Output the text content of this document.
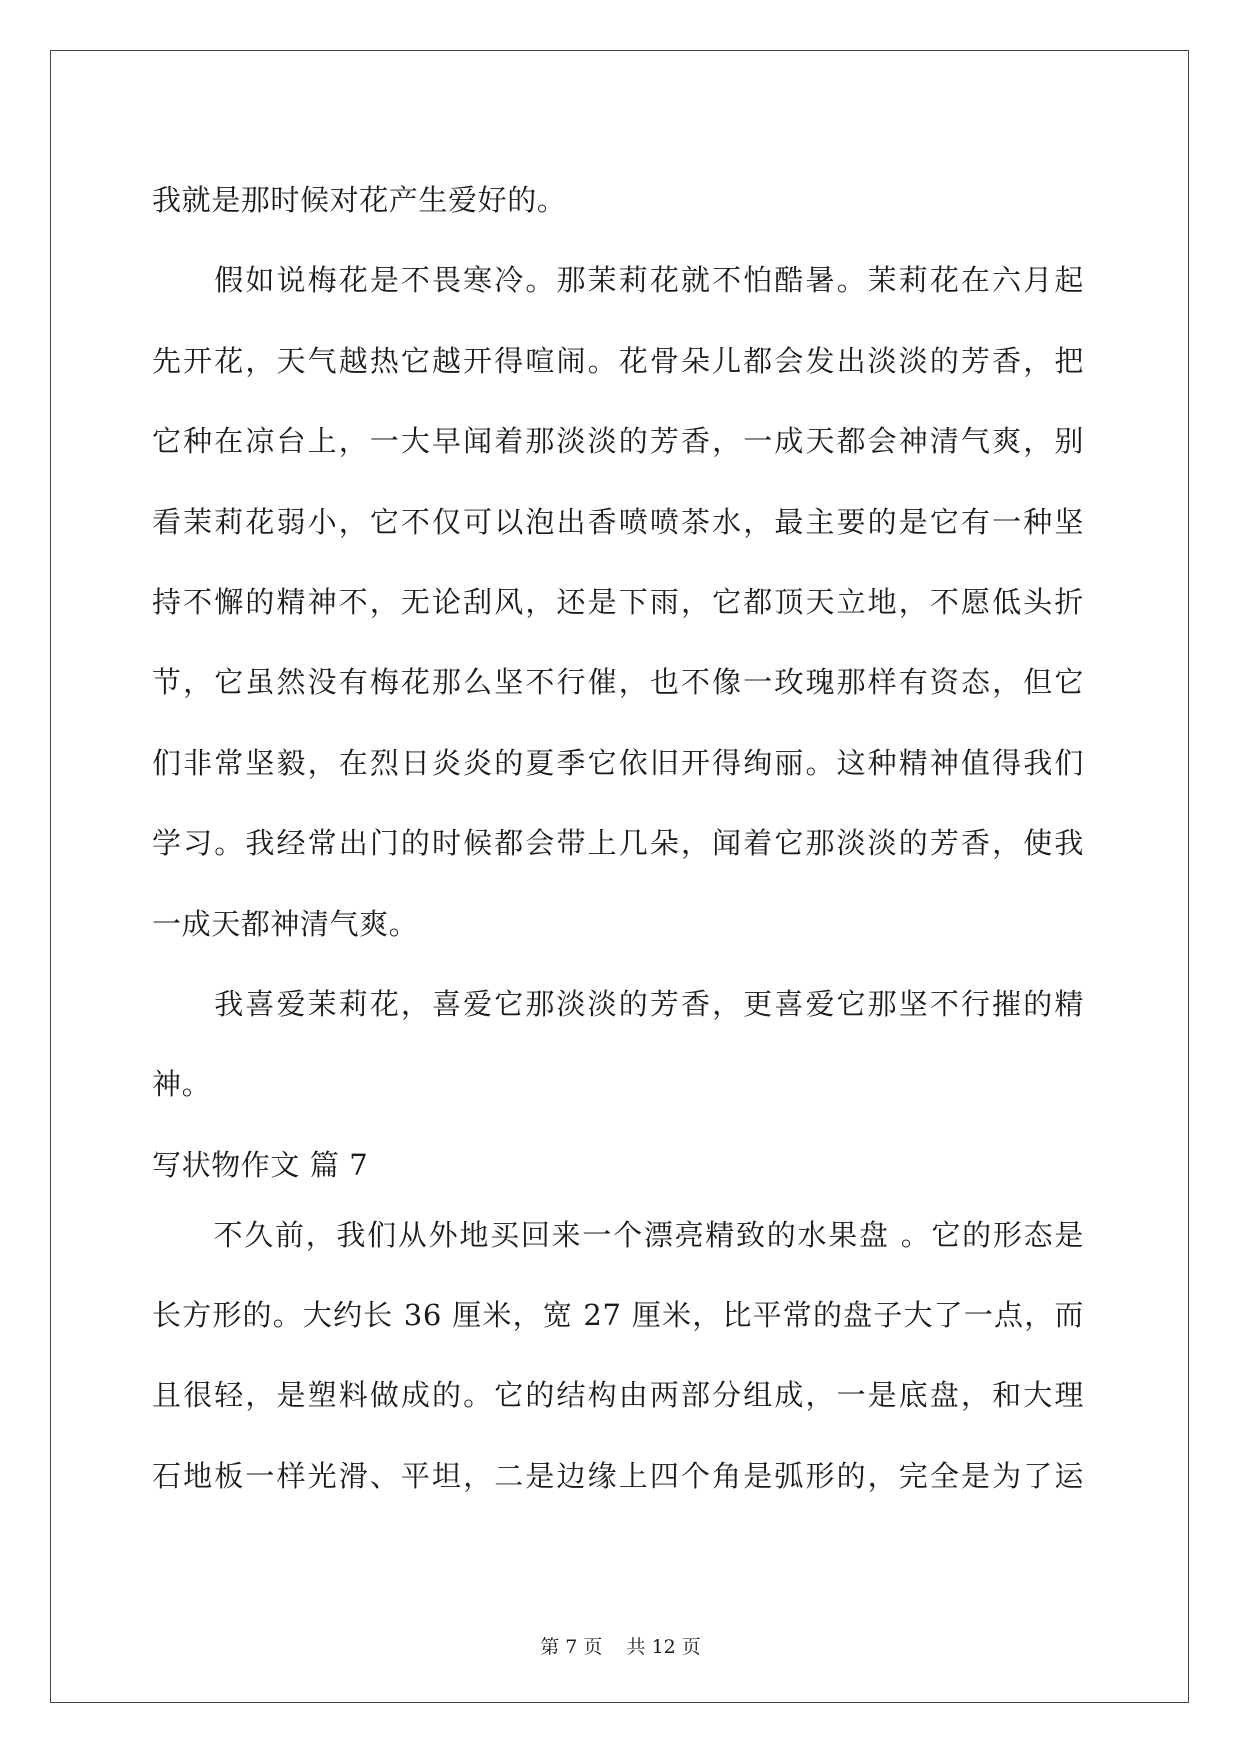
我就是那时候对花产生爱好的。
　　假如说梅花是不畏寒冷。那茉莉花就不怕酷暑。茉莉花在六月起
先开花，天气越热它越开得喧闹。花骨朵儿都会发出淡淡的芳香，把
它种在凉台上，一大早闻着那淡淡的芳香，一成天都会神清气爽，别
看茉莉花弱小，它不仅可以泡出香喷喷茶水，最主要的是它有一种坚
持不懈的精神不，无论刮风，还是下雨，它都顶天立地，不愿低头折
节，它虽然没有梅花那么坚不行催，也不像一玫瑰那样有资态，但它
们非常坚毅，在烈日炎炎的夏季它依旧开得绚丽。这种精神值得我们
学习。我经常出门的时候都会带上几朵，闻着它那淡淡的芳香，使我
一成天都神清气爽。
　　我喜爱茉莉花，喜爱它那淡淡的芳香，更喜爱它那坚不行摧的精
神。
写状物作文 篇 7
　　不久前，我们从外地买回来一个漂亮精致的水果盘 。它的形态是
长方形的。大约长 36 厘米，宽 27 厘米，比平常的盘子大了一点，而
且很轻，是塑料做成的。它的结构由两部分组成，一是底盘，和大理
石地板一样光滑、平坦，二是边缘上四个角是弧形的，完全是为了运
第 7 页    共 12 页
